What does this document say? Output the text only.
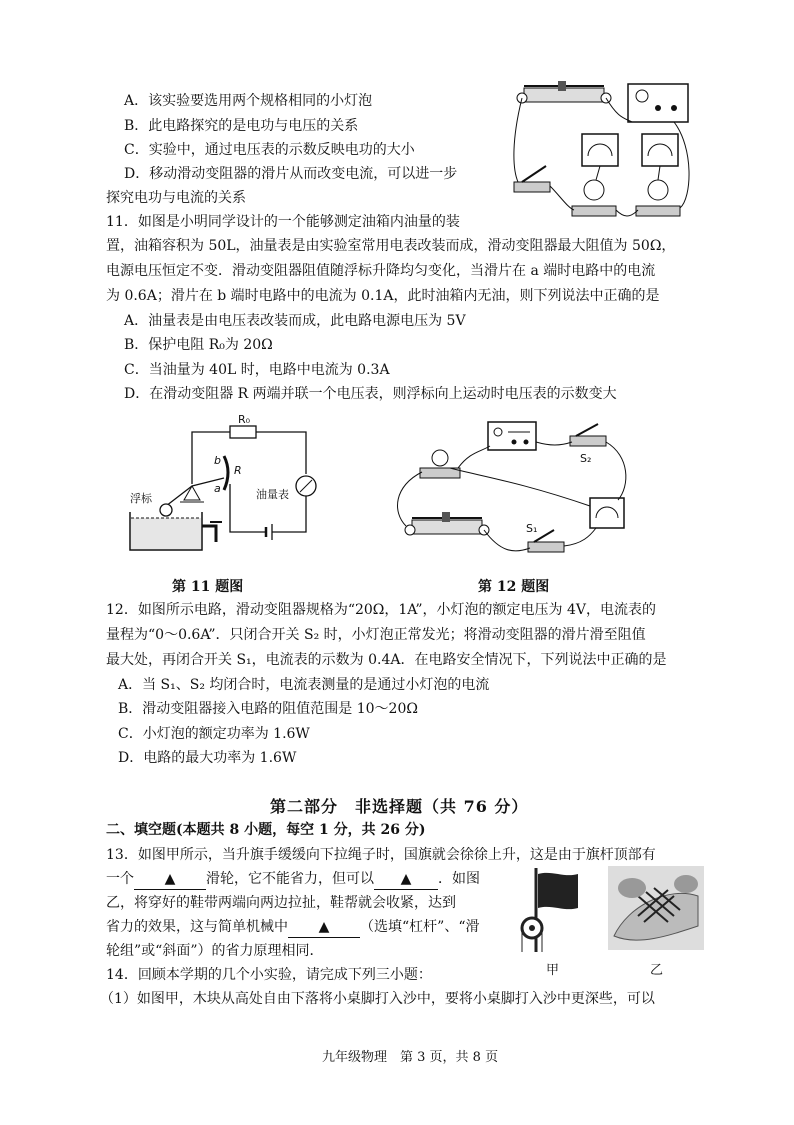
A．该实验要选用两个规格相同的小灯泡
B．此电路探究的是电功与电压的关系
C．实验中，通过电压表的示数反映电功的大小
D．移动滑动变阻器的滑片从而改变电流，可以进一步
探究电功与电流的关系
11．如图是小明同学设计的一个能够测定油箱内油量的装
置，油箱容积为 50L，油量表是由实验室常用电表改装而成，滑动变阻器最大阻值为 50Ω，
电源电压恒定不变．滑动变阻器阻值随浮标升降均匀变化，当滑片在 a 端时电路中的电流
为 0.6A；滑片在 b 端时电路中的电流为 0.1A，此时油箱内无油，则下列说法中正确的是
A．油量表是由电压表改装而成，此电路电源电压为 5V
B．保护电阻 R₀为 20Ω
C．当油量为 40L 时，电路中电流为 0.3A
D．在滑动变阻器 R 两端并联一个电压表，则浮标向上运动时电压表的示数变大
R₀
油量表
R
b
a
浮标
第 11 题图
S₂
S₁
第 12 题图
12．如图所示电路，滑动变阻器规格为“20Ω，1A”，小灯泡的额定电压为 4V，电流表的
量程为“0～0.6A”．只闭合开关 S₂ 时，小灯泡正常发光；将滑动变阻器的滑片滑至阻值
最大处，再闭合开关 S₁，电流表的示数为 0.4A．在电路安全情况下，下列说法中正确的是
A．当 S₁、S₂ 均闭合时，电流表测量的是通过小灯泡的电流
B．滑动变阻器接入电路的阻值范围是 10～20Ω
C．小灯泡的额定功率为 1.6W
D．电路的最大功率为 1.6W
第二部分　非选择题（共 76 分）
二、填空题(本题共 8 小题，每空 1 分，共 26 分)
13．如图甲所示，当升旗手缓缓向下拉绳子时，国旗就会徐徐上升，这是由于旗杆顶部有
一个 ▲ 滑轮，它不能省力，但可以 ▲ ．如图
乙，将穿好的鞋带两端向两边拉扯，鞋帮就会收紧，达到
省力的效果，这与简单机械中 ▲ （选填“杠杆”、“滑
轮组”或“斜面”）的省力原理相同．
甲	乙
14．回顾本学期的几个小实验，请完成下列三小题：
（1）如图甲，木块从高处自由下落将小桌脚打入沙中，要将小桌脚打入沙中更深些，可以
九年级物理　第 3 页，共 8 页
